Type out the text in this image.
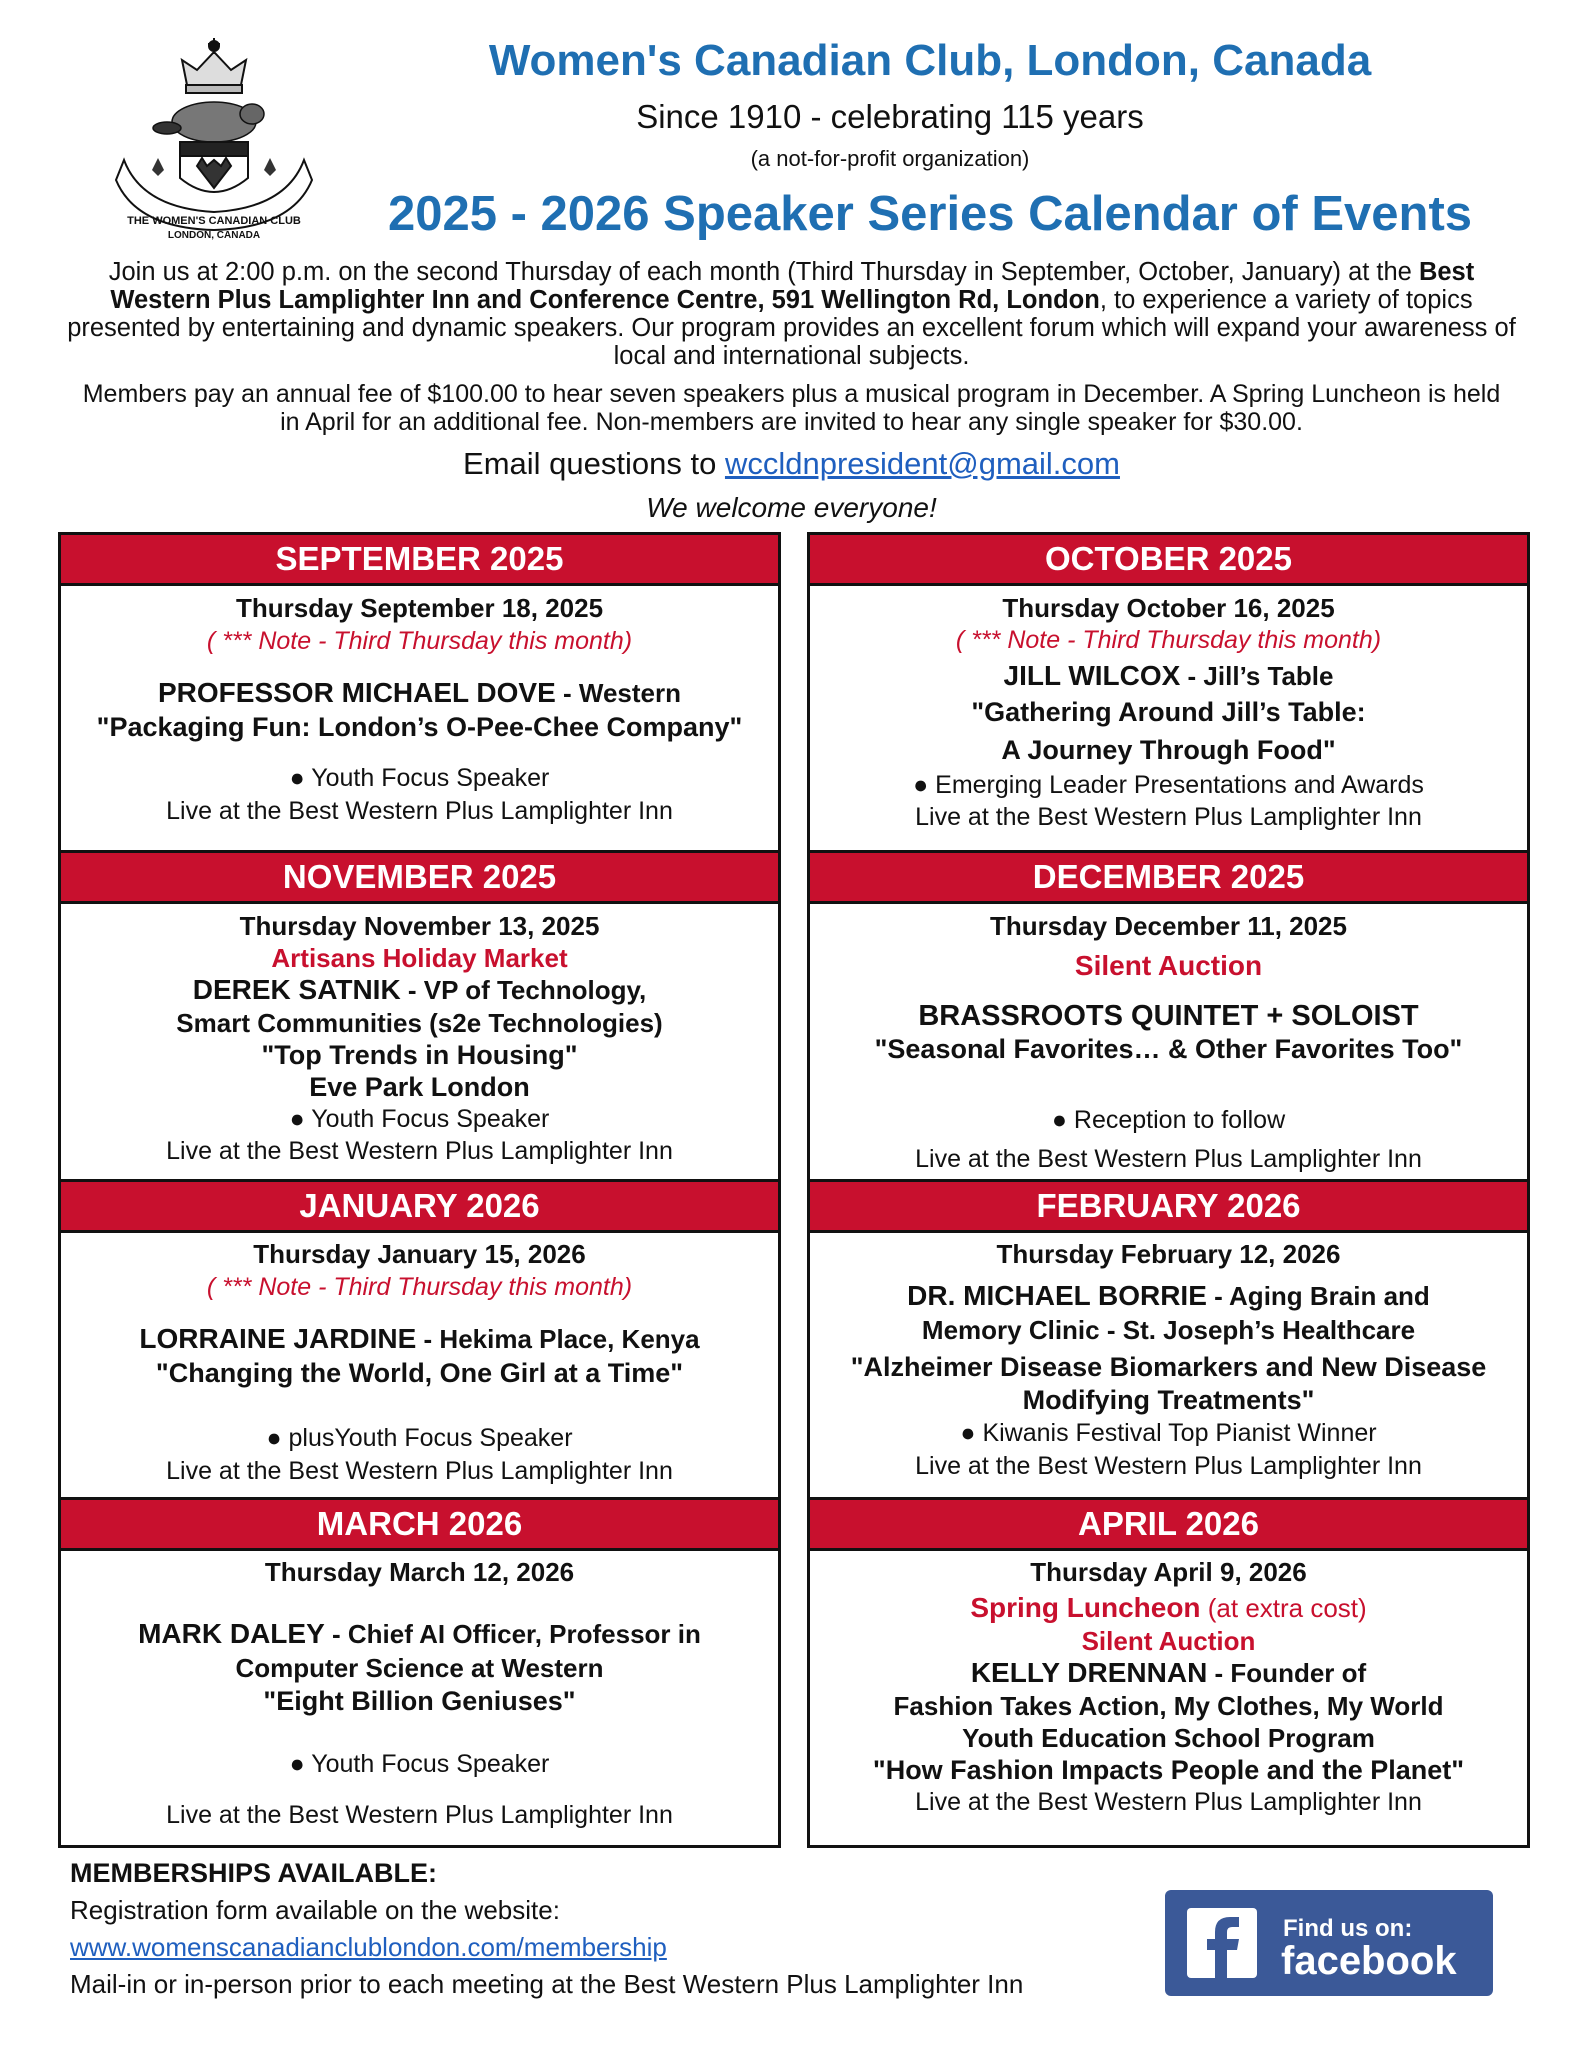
THE WOMEN'S CANADIAN CLUB
LONDON, CANADA
Women's Canadian Club, London, Canada
Since 1910 - celebrating 115 years
(a not-for-profit organization)
2025 - 2026 Speaker Series Calendar of Events
Join us at 2:00 p.m. on the second Thursday of each month (Third Thursday in September, October, January) at the Best Western Plus Lamplighter Inn and Conference Centre, 591 Wellington Rd, London, to experience a variety of topics presented by entertaining and dynamic speakers. Our program provides an excellent forum which will expand your awareness of local and international subjects.
Members pay an annual fee of $100.00 to hear seven speakers plus a musical program in December. A Spring Luncheon is held in April for an additional fee. Non-members are invited to hear any single speaker for $30.00.
Email questions to wccldnpresident@gmail.com
We welcome everyone!
SEPTEMBER 2025	OCTOBER 2025
NOVEMBER 2025	DECEMBER 2025
JANUARY 2026	FEBRUARY 2026
MARCH 2026	APRIL 2026
Thursday September 18, 2025
( *** Note - Third Thursday this month)
PROFESSOR MICHAEL DOVE - Western
"Packaging Fun: London’s O-Pee-Chee Company"
● Youth Focus Speaker
Live at the Best Western Plus Lamplighter Inn
Thursday October 16, 2025
( *** Note - Third Thursday this month)
JILL WILCOX - Jill’s Table
"Gathering Around Jill’s Table:
A Journey Through Food"
● Emerging Leader Presentations and Awards
Live at the Best Western Plus Lamplighter Inn
Thursday November 13, 2025
Artisans Holiday Market
DEREK SATNIK - VP of Technology,
Smart Communities (s2e Technologies)
"Top Trends in Housing"
Eve Park London
● Youth Focus Speaker
Live at the Best Western Plus Lamplighter Inn
Thursday December 11, 2025
Silent Auction
BRASSROOTS QUINTET + SOLOIST
"Seasonal Favorites… & Other Favorites Too"
● Reception to follow
Live at the Best Western Plus Lamplighter Inn
Thursday January 15, 2026
( *** Note - Third Thursday this month)
LORRAINE JARDINE - Hekima Place, Kenya
"Changing the World, One Girl at a Time"
● plusYouth Focus Speaker
Live at the Best Western Plus Lamplighter Inn
Thursday February 12, 2026
DR. MICHAEL BORRIE - Aging Brain and
Memory Clinic - St. Joseph’s Healthcare
"Alzheimer Disease Biomarkers and New Disease
Modifying Treatments"
● Kiwanis Festival Top Pianist Winner
Live at the Best Western Plus Lamplighter Inn
Thursday March 12, 2026
MARK DALEY - Chief AI Officer, Professor in
Computer Science at Western
"Eight Billion Geniuses"
● Youth Focus Speaker
Live at the Best Western Plus Lamplighter Inn
Thursday April 9, 2026
Spring Luncheon (at extra cost)
Silent Auction
KELLY DRENNAN - Founder of
Fashion Takes Action, My Clothes, My World
Youth Education School Program
"How Fashion Impacts People and the Planet"
Live at the Best Western Plus Lamplighter Inn
MEMBERSHIPS AVAILABLE:
Registration form available on the website:
www.womenscanadianclublondon.com/membership
Mail-in or in-person prior to each meeting at the Best Western Plus Lamplighter Inn
Find us on:
facebook
